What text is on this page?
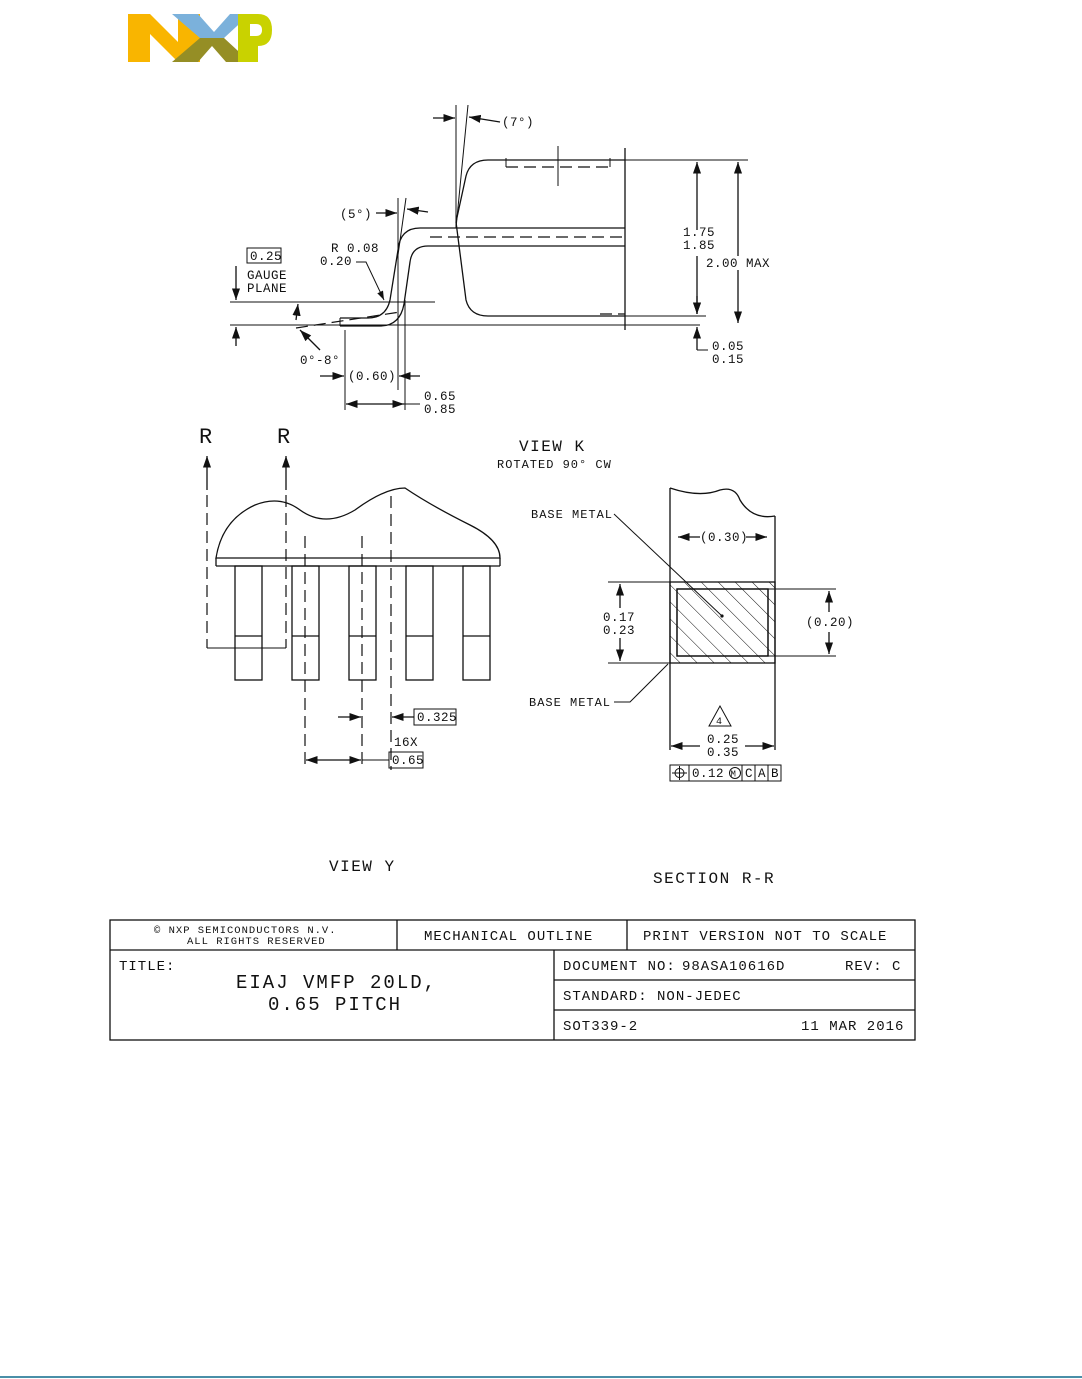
(7°)
(5°)
R 0.08
0.20
0.25
GAUGE
PLANE
0°-8°
(0.60)
0.65
0.85
1.75
1.85
2.00 MAX
0.05
0.15
R	R
0.325
16X
0.65
VIEW Y
VIEW K
ROTATED 90° CW
BASE METAL
BASE METAL
(0.30)
0.17
0.23
(0.20)
4
0.25
0.35
0.12 M C A B
SECTION R-R
© NXP SEMICONDUCTORS N.V.
ALL RIGHTS RESERVED	MECHANICAL OUTLINE	PRINT VERSION NOT TO SCALE
TITLE:
EIAJ VMFP 20LD,
0.65 PITCH
DOCUMENT NO: 98ASA10616D	REV: C
STANDARD: NON-JEDEC
SOT339-2	11 MAR 2016
